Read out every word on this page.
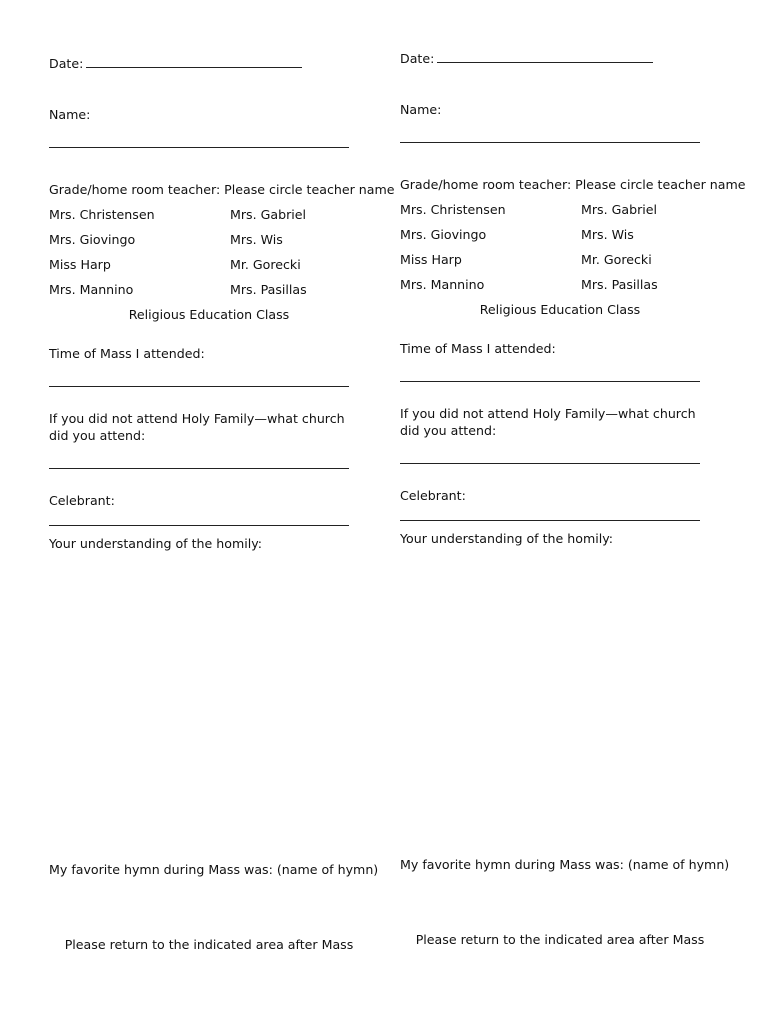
Date:
Name:
Grade/home room teacher: Please circle teacher name
Mrs. Christensen	Mrs. Gabriel
Mrs. Giovingo	Mrs. Wis
Miss Harp	Mr. Gorecki
Mrs. Mannino	Mrs. Pasillas
Religious Education Class
Time of Mass I attended:
If you did not attend Holy Family—what church did you attend:
Celebrant:
Your understanding of the homily:
My favorite hymn during Mass was: (name of hymn)
Please return to the indicated area after Mass
Date:
Name:
Grade/home room teacher: Please circle teacher name
Mrs. Christensen	Mrs. Gabriel
Mrs. Giovingo	Mrs. Wis
Miss Harp	Mr. Gorecki
Mrs. Mannino	Mrs. Pasillas
Religious Education Class
Time of Mass I attended:
If you did not attend Holy Family—what church did you attend:
Celebrant:
Your understanding of the homily:
My favorite hymn during Mass was: (name of hymn)
Please return to the indicated area after Mass
